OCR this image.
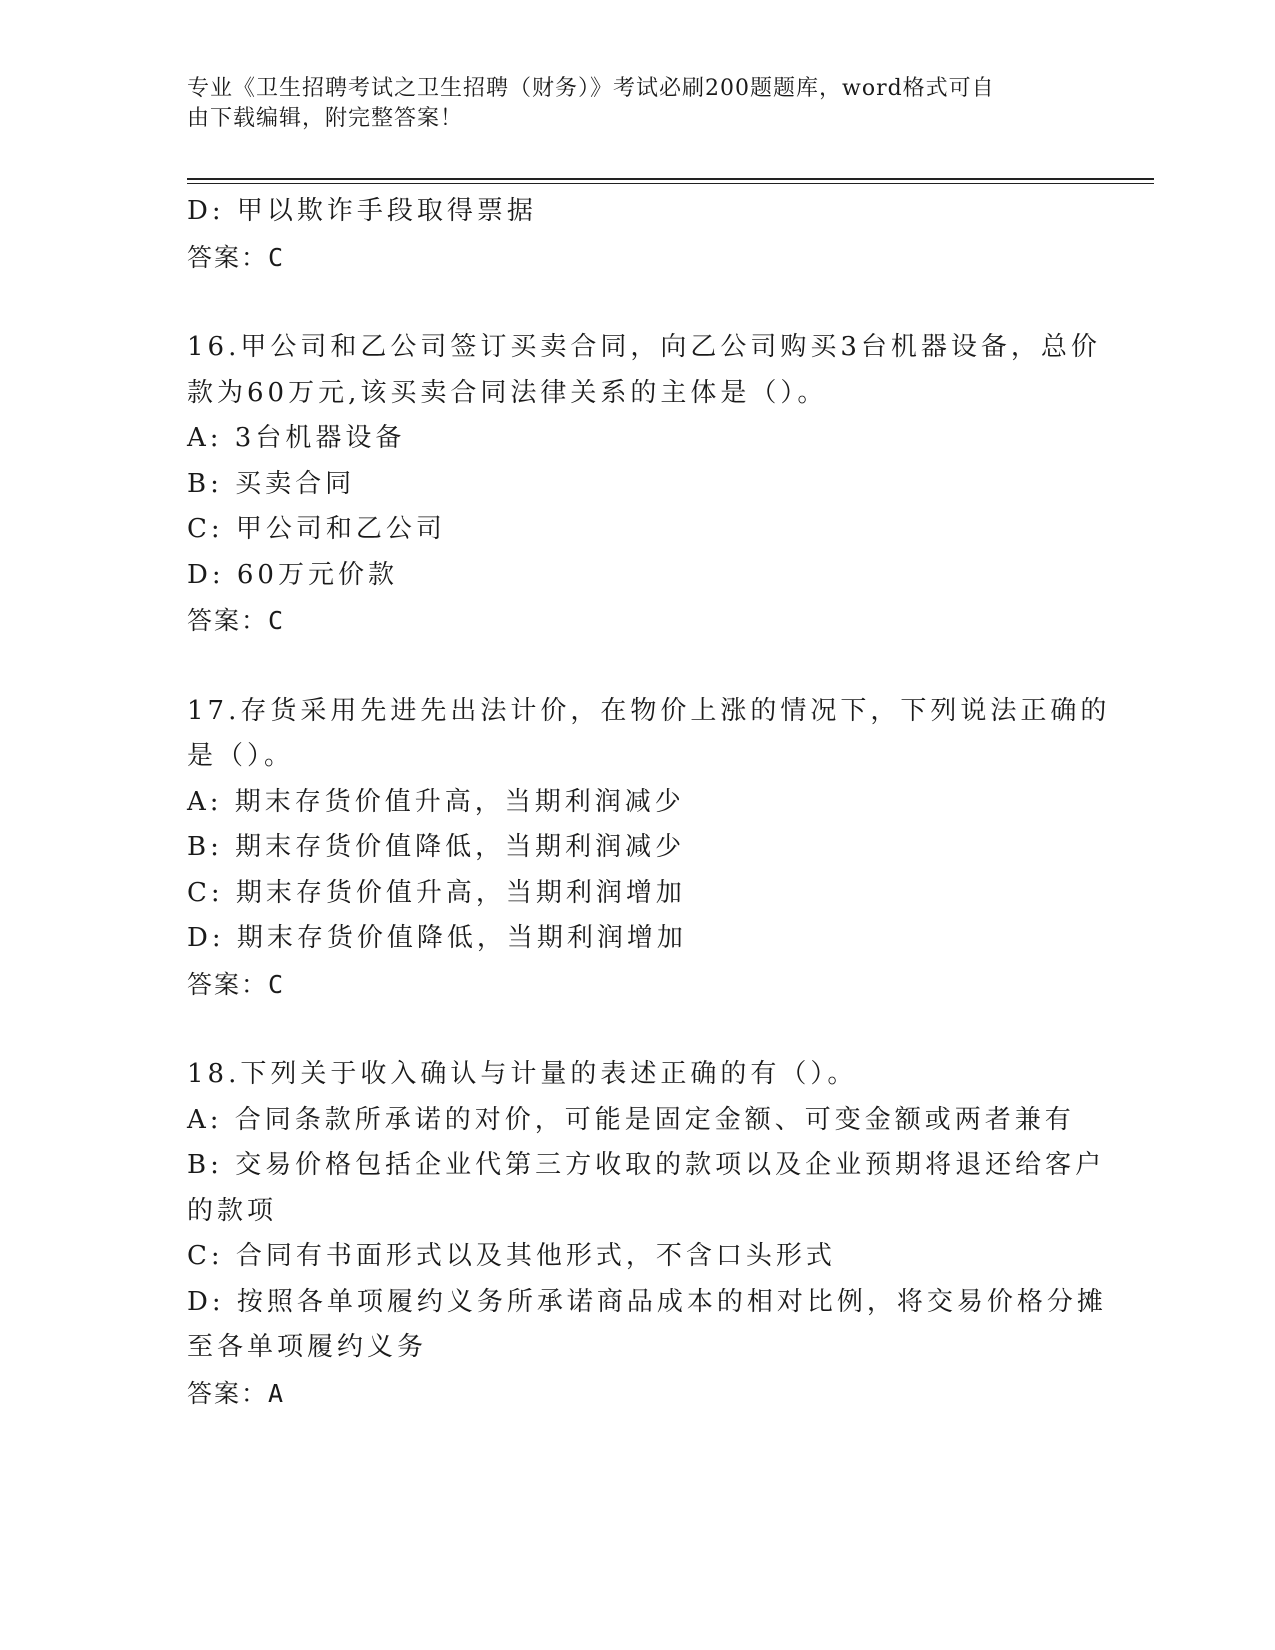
专业《卫生招聘考试之卫生招聘（财务）》考试必刷200题题库，word格式可自
由下载编辑，附完整答案！
D: 甲以欺诈手段取得票据
答案：C
16.甲公司和乙公司签订买卖合同，向乙公司购买3台机器设备，总价
款为60万元,该买卖合同法律关系的主体是（）。
A: 3台机器设备
B: 买卖合同
C: 甲公司和乙公司
D: 60万元价款
答案：C
17.存货采用先进先出法计价，在物价上涨的情况下，下列说法正确的
是（）。
A: 期末存货价值升高，当期利润减少
B: 期末存货价值降低，当期利润减少
C: 期末存货价值升高，当期利润增加
D: 期末存货价值降低，当期利润增加
答案：C
18.下列关于收入确认与计量的表述正确的有（）。
A: 合同条款所承诺的对价，可能是固定金额、可变金额或两者兼有
B: 交易价格包括企业代第三方收取的款项以及企业预期将退还给客户
的款项
C: 合同有书面形式以及其他形式，不含口头形式
D: 按照各单项履约义务所承诺商品成本的相对比例，将交易价格分摊
至各单项履约义务
答案：A
